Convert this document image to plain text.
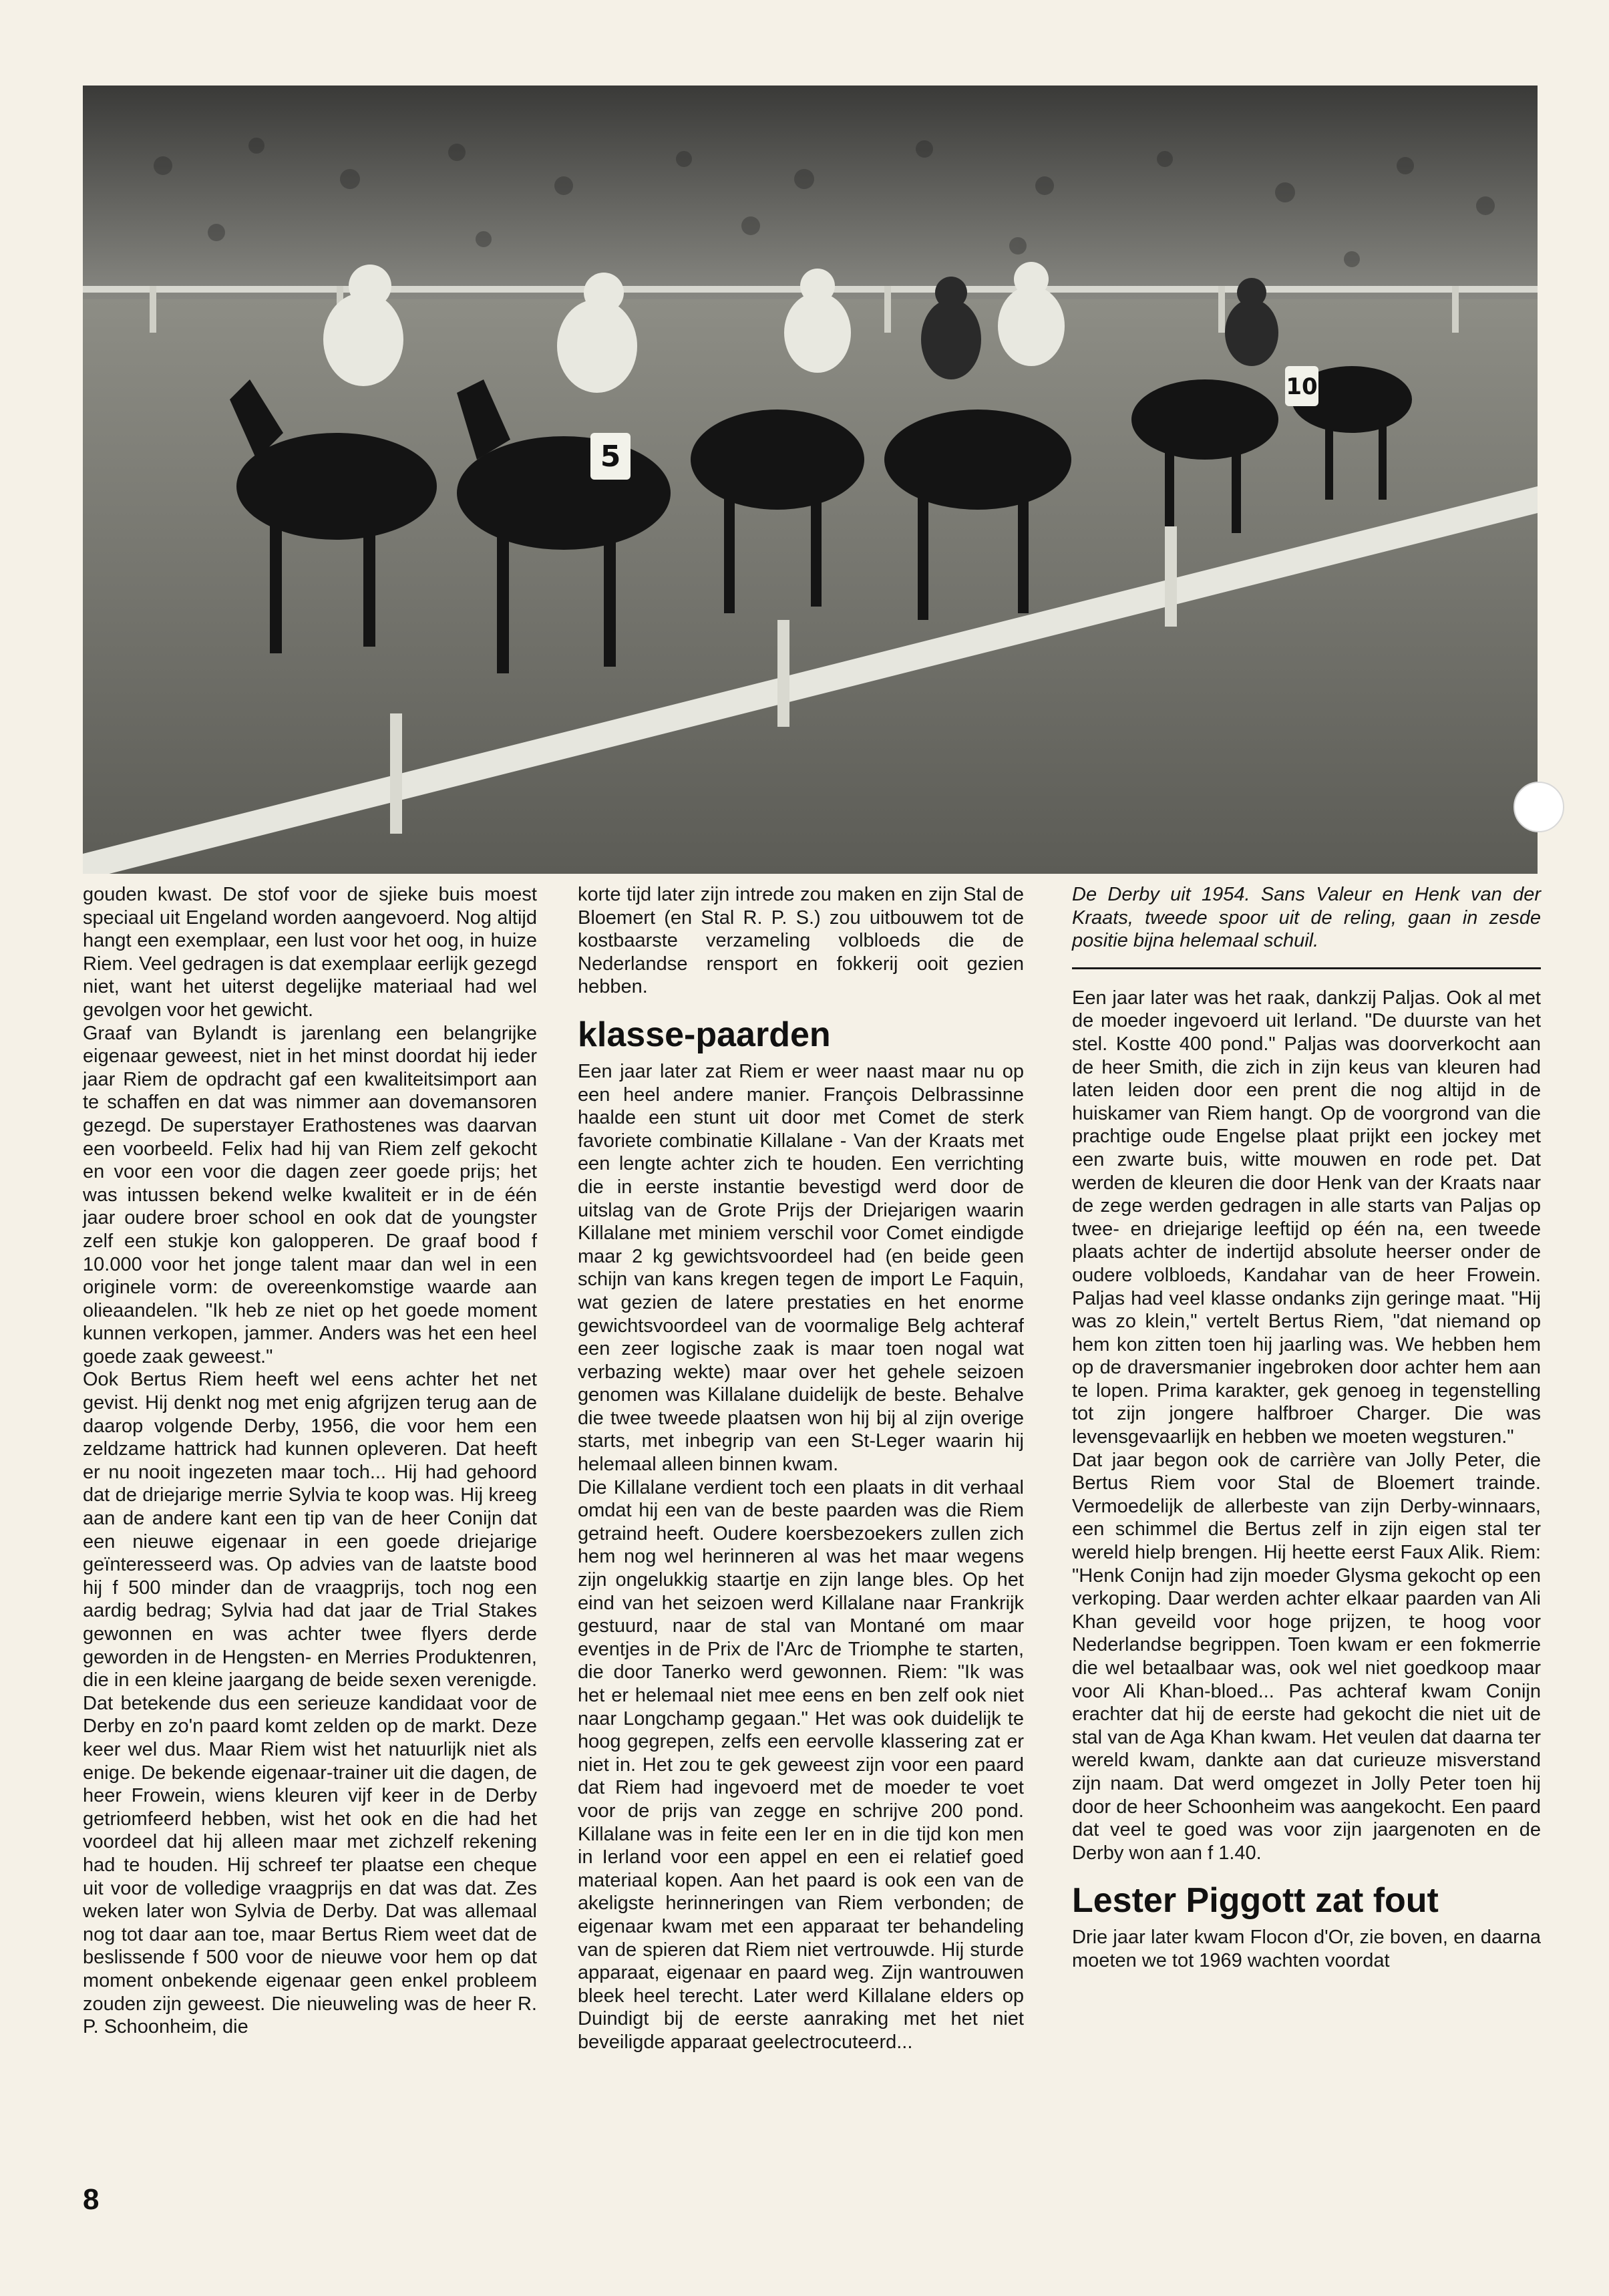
5
10

gouden kwast. De stof voor de sjieke buis moest speciaal uit Engeland worden aangevoerd. Nog altijd hangt een exemplaar, een lust voor het oog, in huize Riem. Veel gedragen is dat exemplaar eerlijk gezegd niet, want het uiterst degelijke materiaal had wel gevolgen voor het gewicht.

Graaf van Bylandt is jarenlang een belangrijke eigenaar geweest, niet in het minst doordat hij ieder jaar Riem de opdracht gaf een kwaliteitsimport aan te schaffen en dat was nimmer aan dovemansoren gezegd. De superstayer Erathostenes was daarvan een voorbeeld. Felix had hij van Riem zelf gekocht en voor een voor die dagen zeer goede prijs; het was intussen bekend welke kwaliteit er in de één jaar oudere broer school en ook dat de youngster zelf een stukje kon galopperen. De graaf bood f 10.000 voor het jonge talent maar dan wel in een originele vorm: de overeenkomstige waarde aan olieaandelen. "Ik heb ze niet op het goede moment kunnen verkopen, jammer. Anders was het een heel goede zaak geweest."

Ook Bertus Riem heeft wel eens achter het net gevist. Hij denkt nog met enig afgrijzen terug aan de daarop volgende Derby, 1956, die voor hem een zeldzame hattrick had kunnen opleveren. Dat heeft er nu nooit ingezeten maar toch... Hij had gehoord dat de driejarige merrie Sylvia te koop was. Hij kreeg aan de andere kant een tip van de heer Conijn dat een nieuwe eigenaar in een goede driejarige geïnteresseerd was. Op advies van de laatste bood hij f 500 minder dan de vraagprijs, toch nog een aardig bedrag; Sylvia had dat jaar de Trial Stakes gewonnen en was achter twee flyers derde geworden in de Hengsten- en Merries Produktenren, die in een kleine jaargang de beide sexen verenigde. Dat betekende dus een serieuze kandidaat voor de Derby en zo'n paard komt zelden op de markt. Deze keer wel dus. Maar Riem wist het natuurlijk niet als enige. De bekende eigenaar-trainer uit die dagen, de heer Frowein, wiens kleuren vijf keer in de Derby getriomfeerd hebben, wist het ook en die had het voordeel dat hij alleen maar met zichzelf rekening had te houden. Hij schreef ter plaatse een cheque uit voor de volledige vraagprijs en dat was dat. Zes weken later won Sylvia de Derby. Dat was allemaal nog tot daar aan toe, maar Bertus Riem weet dat de beslissende f 500 voor de nieuwe voor hem op dat moment onbekende eigenaar geen enkel probleem zouden zijn geweest. Die nieuweling was de heer R. P. Schoonheim, die

korte tijd later zijn intrede zou maken en zijn Stal de Bloemert (en Stal R. P. S.) zou uitbouwem tot de kostbaarste verzameling volbloeds die de Nederlandse rensport en fokkerij ooit gezien hebben.

klasse-paarden

Een jaar later zat Riem er weer naast maar nu op een heel andere manier. François Delbrassinne haalde een stunt uit door met Comet de sterk favoriete combinatie Killalane - Van der Kraats met een lengte achter zich te houden. Een verrichting die in eerste instantie bevestigd werd door de uitslag van de Grote Prijs der Driejarigen waarin Killalane met miniem verschil voor Comet eindigde maar 2 kg gewichtsvoordeel had (en beide geen schijn van kans kregen tegen de import Le Faquin, wat gezien de latere prestaties en het enorme gewichtsvoordeel van de voormalige Belg achteraf een zeer logische zaak is maar toen nogal wat verbazing wekte) maar over het gehele seizoen genomen was Killalane duidelijk de beste. Behalve die twee tweede plaatsen won hij bij al zijn overige starts, met inbegrip van een St-Leger waarin hij helemaal alleen binnen kwam.

Die Killalane verdient toch een plaats in dit verhaal omdat hij een van de beste paarden was die Riem getraind heeft. Oudere koersbezoekers zullen zich hem nog wel herinneren al was het maar wegens zijn ongelukkig staartje en zijn lange bles. Op het eind van het seizoen werd Killalane naar Frankrijk gestuurd, naar de stal van Montané om maar eventjes in de Prix de l'Arc de Triomphe te starten, die door Tanerko werd gewonnen. Riem: "Ik was het er helemaal niet mee eens en ben zelf ook niet naar Longchamp gegaan." Het was ook duidelijk te hoog gegrepen, zelfs een eervolle klassering zat er niet in. Het zou te gek geweest zijn voor een paard dat Riem had ingevoerd met de moeder te voet voor de prijs van zegge en schrijve 200 pond. Killalane was in feite een Ier en in die tijd kon men in Ierland voor een appel en een ei relatief goed materiaal kopen. Aan het paard is ook een van de akeligste herinneringen van Riem verbonden; de eigenaar kwam met een apparaat ter behandeling van de spieren dat Riem niet vertrouwde. Hij sturde apparaat, eigenaar en paard weg. Zijn wantrouwen bleek heel terecht. Later werd Killalane elders op Duindigt bij de eerste aanraking met het niet beveiligde apparaat geelectrocuteerd...

De Derby uit 1954. Sans Valeur en Henk van der Kraats, tweede spoor uit de reling, gaan in zesde positie bijna helemaal schuil.

Een jaar later was het raak, dankzij Paljas. Ook al met de moeder ingevoerd uit Ierland. "De duurste van het stel. Kostte 400 pond." Paljas was doorverkocht aan de heer Smith, die zich in zijn keus van kleuren had laten leiden door een prent die nog altijd in de huiskamer van Riem hangt. Op de voorgrond van die prachtige oude Engelse plaat prijkt een jockey met een zwarte buis, witte mouwen en rode pet. Dat werden de kleuren die door Henk van der Kraats naar de zege werden gedragen in alle starts van Paljas op twee- en driejarige leeftijd op één na, een tweede plaats achter de indertijd absolute heerser onder de oudere volbloeds, Kandahar van de heer Frowein. Paljas had veel klasse ondanks zijn geringe maat. "Hij was zo klein," vertelt Bertus Riem, "dat niemand op hem kon zitten toen hij jaarling was. We hebben hem op de draversmanier ingebroken door achter hem aan te lopen. Prima karakter, gek genoeg in tegenstelling tot zijn jongere halfbroer Charger. Die was levensgevaarlijk en hebben we moeten wegsturen."

Dat jaar begon ook de carrière van Jolly Peter, die Bertus Riem voor Stal de Bloemert trainde. Vermoedelijk de allerbeste van zijn Derby-winnaars, een schimmel die Bertus zelf in zijn eigen stal ter wereld hielp brengen. Hij heette eerst Faux Alik. Riem: "Henk Conijn had zijn moeder Glysma gekocht op een verkoping. Daar werden achter elkaar paarden van Ali Khan geveild voor hoge prijzen, te hoog voor Nederlandse begrippen. Toen kwam er een fokmerrie die wel betaalbaar was, ook wel niet goedkoop maar voor Ali Khan-bloed... Pas achteraf kwam Conijn erachter dat hij de eerste had gekocht die niet uit de stal van de Aga Khan kwam. Het veulen dat daarna ter wereld kwam, dankte aan dat curieuze misverstand zijn naam. Dat werd omgezet in Jolly Peter toen hij door de heer Schoonheim was aangekocht. Een paard dat veel te goed was voor zijn jaargenoten en de Derby won aan f 1.40.

Lester Piggott zat fout

Drie jaar later kwam Flocon d'Or, zie boven, en daarna moeten we tot 1969 wachten voordat

8
